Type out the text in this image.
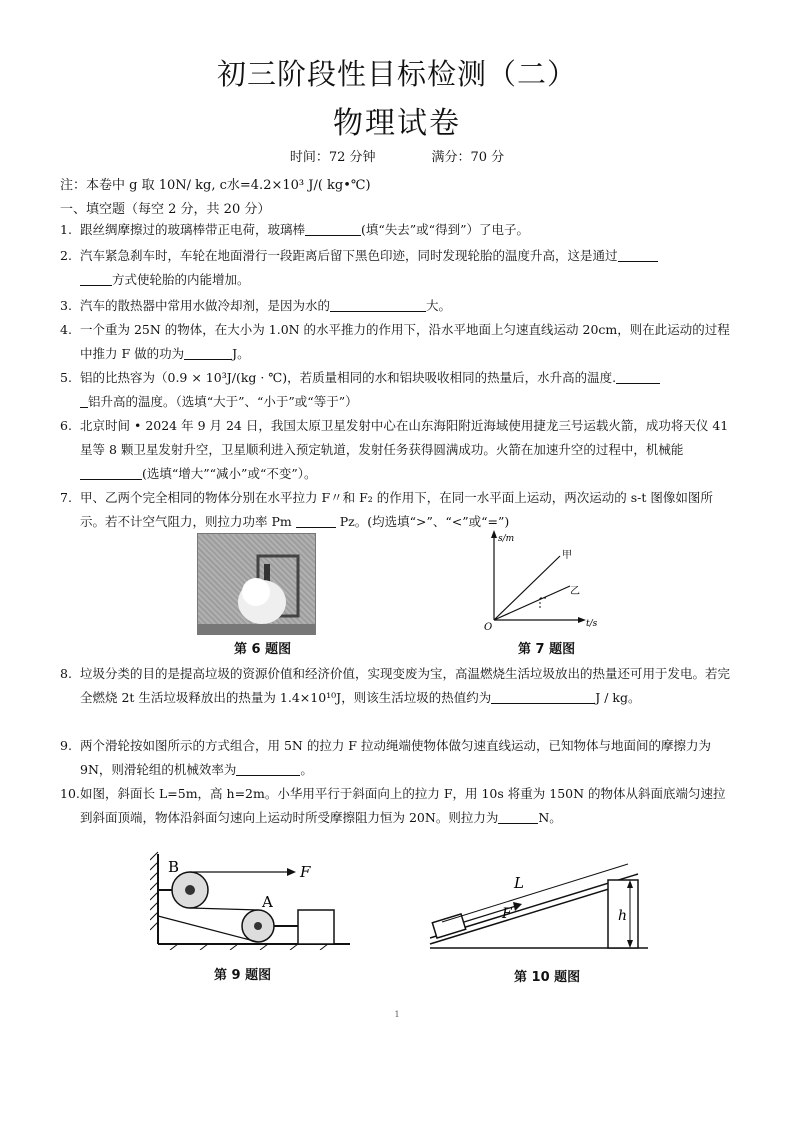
初三阶段性目标检测（二）
物理试卷
时间：72 分钟	满分：70 分
注：本卷中 g 取 10N/ kg, c水=4.2×10³ J/( kg•℃)
一、填空题（每空 2 分，共 20 分）
1. 跟丝绸摩擦过的玻璃棒带正电荷，玻璃棒	(填“失去”或“得到”）了电子。
2. 汽车紧急刹车时，车轮在地面滑行一段距离后留下黑色印迹，同时发现轮胎的温度升高，这是通过
方式使轮胎的内能增加。
3. 汽车的散热器中常用水做冷却剂，是因为水的	大。
4. 一个重为 25N 的物体，在大小为 1.0N 的水平推力的作用下，沿水平地面上匀速直线运动 20cm，则在此运动的过程中推力 F 做的功为	J。
5. 铝的比热容为（0.9 × 10³J/(kg · ℃)，若质量相同的水和铝块吸收相同的热量后，水升高的温度.
铝升高的温度。（选填“大于”、“小于”或“等于”）
6. 北京时间 • 2024 年 9 月 24 日，我国太原卫星发射中心在山东海阳附近海域使用捷龙三号运载火箭，成功将天仪 41 星等 8 颗卫星发射升空，卫星顺利进入预定轨道，发射任务获得圆满成功。火箭在加速升空的过程中，机械能(选填“增大”“减小”或“不变”）。
7. 甲、乙两个完全相同的物体分别在水平拉力 F〃和 F₂ 的作用下，在同一水平面上运动，两次运动的 s-t 图像如图所示。若不计空气阻力，则拉力功率 Pm	Pz。(均选填“>”、“<”或“=”)
第 6 题图
s/m
t/s
O
甲
乙
第 7 题图
8. 垃圾分类的目的是提高垃圾的资源价值和经济价值，实现变废为宝，高温燃烧生活垃圾放出的热量还可用于发电。若完全燃烧 2t 生活垃圾释放出的热量为 1.4×10¹⁰J，则该生活垃圾的热值约为	J / kg。
9. 两个滑轮按如图所示的方式组合，用 5N 的拉力 F 拉动绳端使物体做匀速直线运动，已知物体与地面间的摩擦力为 9N，则滑轮组的机械效率为	。
10. 如图，斜面长 L=5m，高 h=2m。小华用平行于斜面向上的拉力 F，用 10s 将重为 150N 的物体从斜面底端匀速拉到斜面顶端，物体沿斜面匀速向上运动时所受摩擦阻力恒为 20N。则拉力为	N。
B
A
F
第 9 题图
L
F	h
第 10 题图
1
